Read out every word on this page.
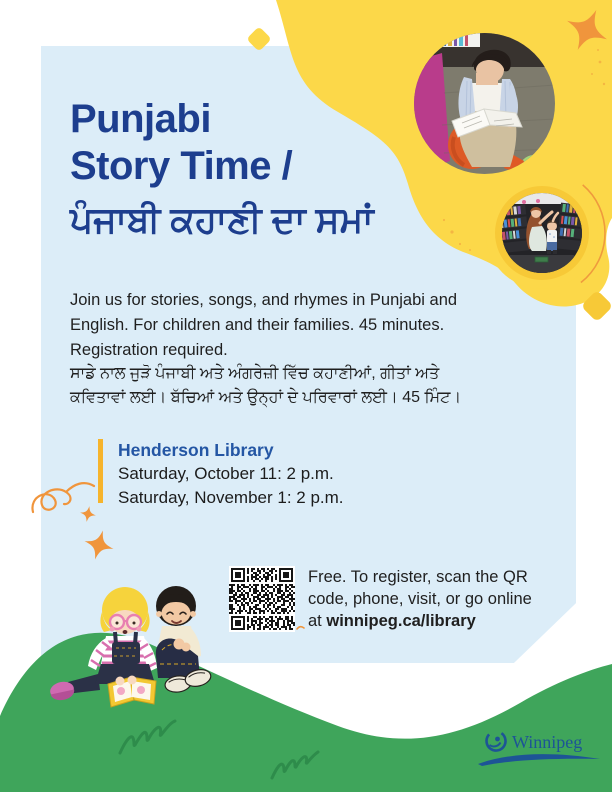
Punjabi
Story Time /
ਪੰਜਾਬੀ ਕਹਾਣੀ ਦਾ ਸਮਾਂ
Join us for stories, songs, and rhymes in Punjabi and
English. For children and their families. 45 minutes.
Registration required.
ਸਾਡੇ ਨਾਲ ਜੁੜੋ ਪੰਜਾਬੀ ਅਤੇ ਅੰਗਰੇਜ਼ੀ ਵਿੱਚ ਕਹਾਣੀਆਂ, ਗੀਤਾਂ ਅਤੇ
ਕਵਿਤਾਵਾਂ ਲਈ। ਬੱਚਿਆਂ ਅਤੇ ਉਨ੍ਹਾਂ ਦੇ ਪਰਿਵਾਰਾਂ ਲਈ। 45 ਮਿੰਟ।
Henderson Library
Saturday, October 11: 2 p.m.
Saturday, November 1: 2 p.m.
Free. To register, scan the QR
code, phone, visit, or go online
at winnipeg.ca/library
Winnipeg
